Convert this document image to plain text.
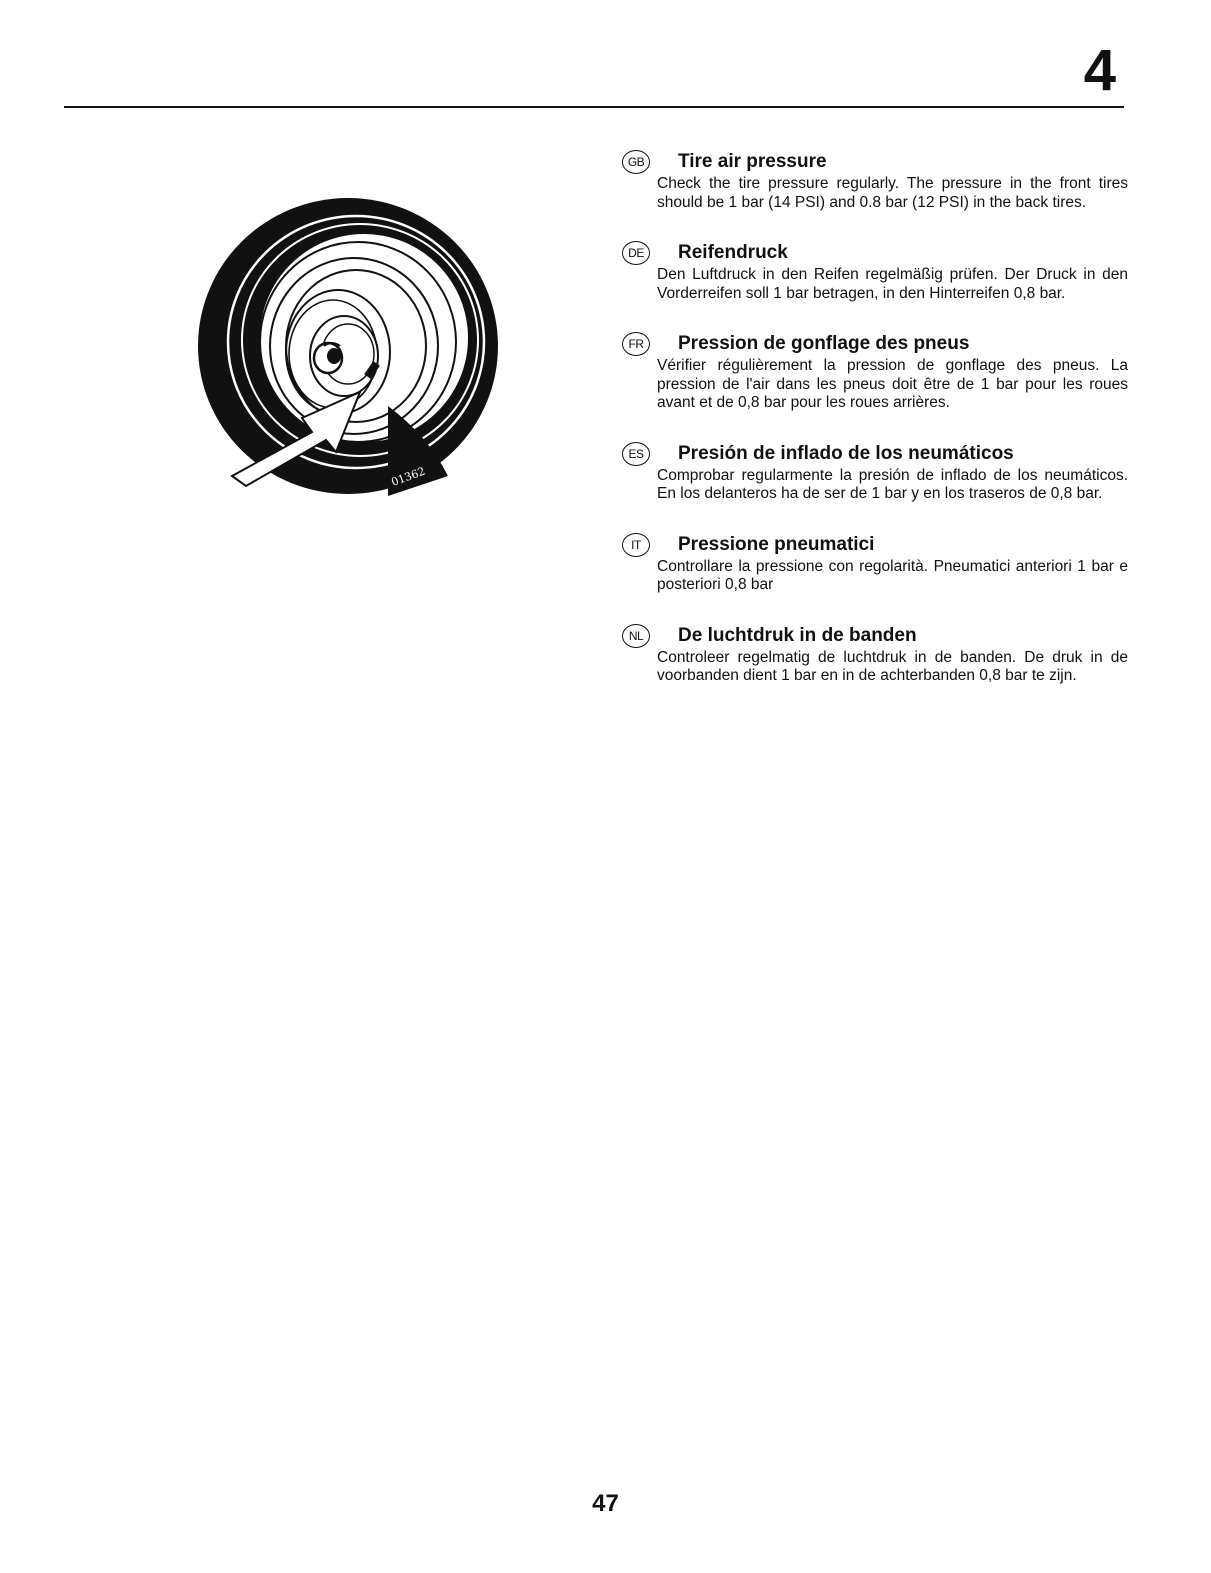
4
01362
GB	Tire air pressure
Check the tire pressure regularly. The pressure in the front tires should be 1 bar (14 PSI) and 0.8 bar (12 PSI) in the back tires.
DE	Reifendruck
Den Luftdruck in den Reifen regelmäßig prüfen. Der Druck in den Vorderreifen soll 1 bar betragen, in den Hinterreifen 0,8 bar.
FR	Pression de gonflage des pneus
Vérifier régulièrement la pression de gonflage des pneus. La pression de l'air dans les pneus doit être de 1 bar pour les roues avant et de 0,8 bar pour les roues arrières.
ES	Presión de inflado de los neumáticos
Comprobar regularmente la presión de inflado de los neumáticos. En los delanteros ha de ser de 1 bar y en los traseros de 0,8 bar.
IT	Pressione pneumatici
Controllare la pressione con regolarità. Pneumatici anteriori 1 bar e posteriori 0,8 bar
NL	De luchtdruk in de banden
Controleer regelmatig de luchtdruk in de banden. De druk in de voorbanden dient 1 bar en in de achterbanden 0,8 bar te zijn.
47
